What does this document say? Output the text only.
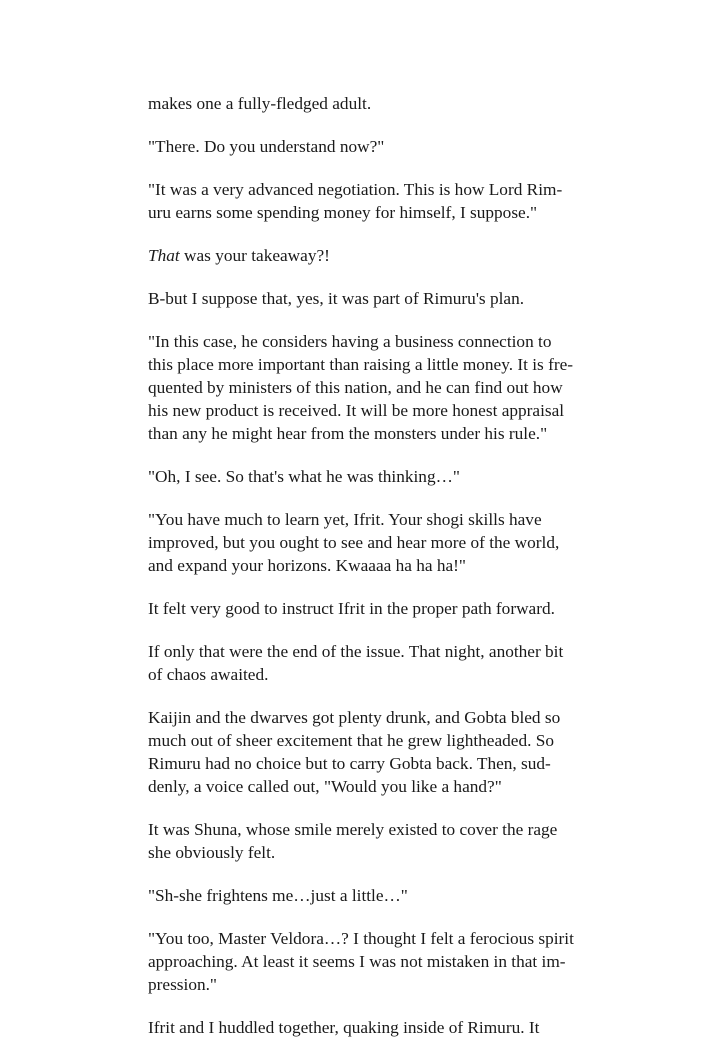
makes one a fully-fledged adult.

"There. Do you understand now?"

"It was a very advanced negotiation. This is how Lord Rim-
uru earns some spending money for himself, I suppose."

That was your takeaway?!

B-but I suppose that, yes, it was part of Rimuru's plan.

"In this case, he considers having a business connection to
this place more important than raising a little money. It is fre-
quented by ministers of this nation, and he can find out how
his new product is received. It will be more honest appraisal
than any he might hear from the monsters under his rule."

"Oh, I see. So that's what he was thinking…"

"You have much to learn yet, Ifrit. Your shogi skills have
improved, but you ought to see and hear more of the world,
and expand your horizons. Kwaaaa ha ha ha!"

It felt very good to instruct Ifrit in the proper path forward.

If only that were the end of the issue. That night, another bit
of chaos awaited.

Kaijin and the dwarves got plenty drunk, and Gobta bled so
much out of sheer excitement that he grew lightheaded. So
Rimuru had no choice but to carry Gobta back. Then, sud-
denly, a voice called out, "Would you like a hand?"

It was Shuna, whose smile merely existed to cover the rage
she obviously felt.

"Sh-she frightens me…just a little…"

"You too, Master Veldora…? I thought I felt a ferocious spirit
approaching. At least it seems I was not mistaken in that im-
pression."

Ifrit and I huddled together, quaking inside of Rimuru. It
